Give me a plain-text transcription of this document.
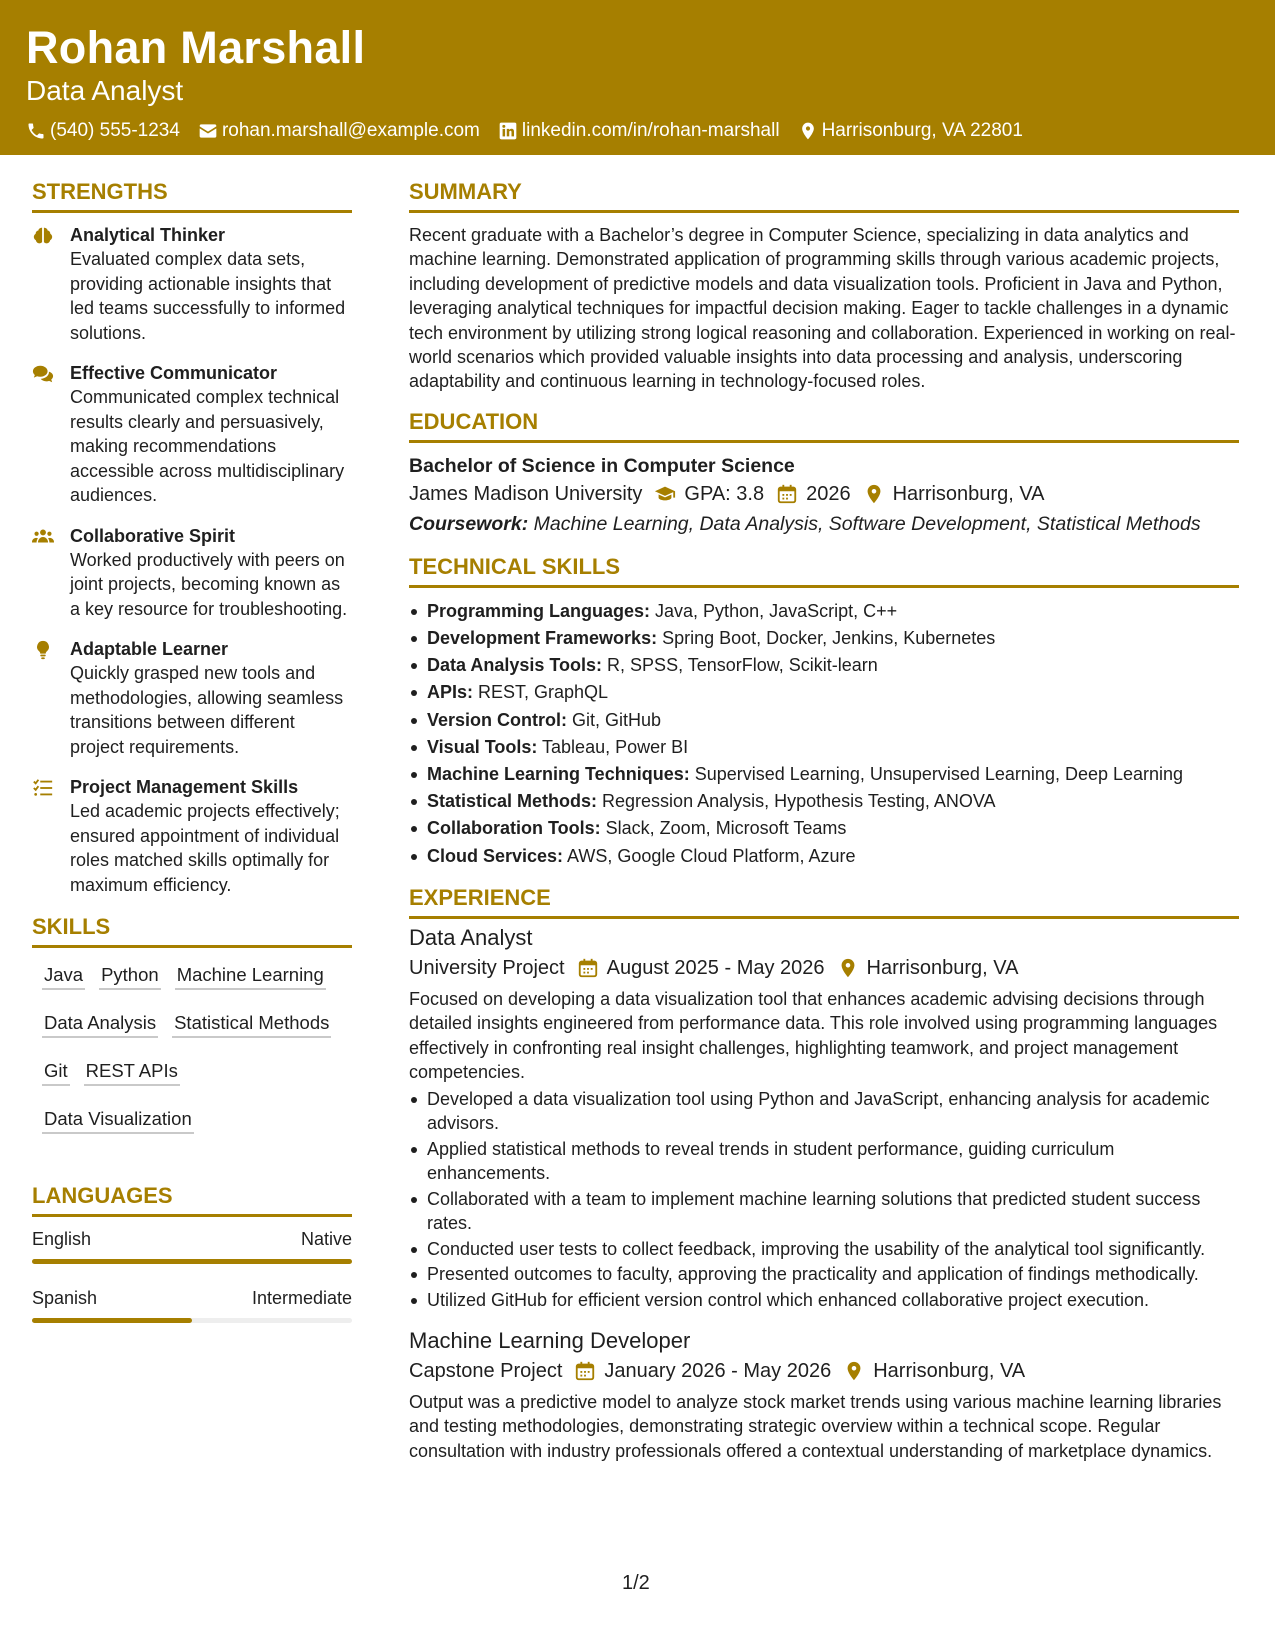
Rohan Marshall
Data Analyst
(540) 555-1234 rohan.marshall@example.com linkedin.com/in/rohan-marshall Harrisonburg, VA 22801
STRENGTHS
Analytical Thinker
Evaluated complex data sets, providing actionable insights that led teams successfully to informed solutions.
Effective Communicator
Communicated complex technical results clearly and persuasively, making recommendations accessible across multidisciplinary audiences.
Collaborative Spirit
Worked productively with peers on joint projects, becoming known as a key resource for troubleshooting.
Adaptable Learner
Quickly grasped new tools and methodologies, allowing seamless transitions between different project requirements.
Project Management Skills
Led academic projects effectively; ensured appointment of individual roles matched skills optimally for maximum efficiency.
SKILLS
Java Python Machine Learning
Data Analysis Statistical Methods
Git REST APIs
Data Visualization
LANGUAGES
English	Native
Spanish	Intermediate
SUMMARY
Recent graduate with a Bachelor’s degree in Computer Science, specializing in data analytics and machine learning. Demonstrated application of programming skills through various academic projects, including development of predictive models and data visualization tools. Proficient in Java and Python, leveraging analytical techniques for impactful decision making. Eager to tackle challenges in a dynamic tech environment by utilizing strong logical reasoning and collaboration. Experienced in working on real-world scenarios which provided valuable insights into data processing and analysis, underscoring adaptability and continuous learning in technology-focused roles.
EDUCATION
Bachelor of Science in Computer Science
James Madison University GPA: 3.8 2026 Harrisonburg, VA
Coursework: Machine Learning, Data Analysis, Software Development, Statistical Methods
TECHNICAL SKILLS
Programming Languages: Java, Python, JavaScript, C++
Development Frameworks: Spring Boot, Docker, Jenkins, Kubernetes
Data Analysis Tools: R, SPSS, TensorFlow, Scikit-learn
APIs: REST, GraphQL
Version Control: Git, GitHub
Visual Tools: Tableau, Power BI
Machine Learning Techniques: Supervised Learning, Unsupervised Learning, Deep Learning
Statistical Methods: Regression Analysis, Hypothesis Testing, ANOVA
Collaboration Tools: Slack, Zoom, Microsoft Teams
Cloud Services: AWS, Google Cloud Platform, Azure
EXPERIENCE
Data Analyst
University Project August 2025 - May 2026 Harrisonburg, VA
Focused on developing a data visualization tool that enhances academic advising decisions through detailed insights engineered from performance data. This role involved using programming languages effectively in confronting real insight challenges, highlighting teamwork, and project management competencies.
Developed a data visualization tool using Python and JavaScript, enhancing analysis for academic advisors.
Applied statistical methods to reveal trends in student performance, guiding curriculum enhancements.
Collaborated with a team to implement machine learning solutions that predicted student success rates.
Conducted user tests to collect feedback, improving the usability of the analytical tool significantly.
Presented outcomes to faculty, approving the practicality and application of findings methodically.
Utilized GitHub for efficient version control which enhanced collaborative project execution.
Machine Learning Developer
Capstone Project January 2026 - May 2026 Harrisonburg, VA
Output was a predictive model to analyze stock market trends using various machine learning libraries and testing methodologies, demonstrating strategic overview within a technical scope. Regular consultation with industry professionals offered a contextual understanding of marketplace dynamics.
1/2
